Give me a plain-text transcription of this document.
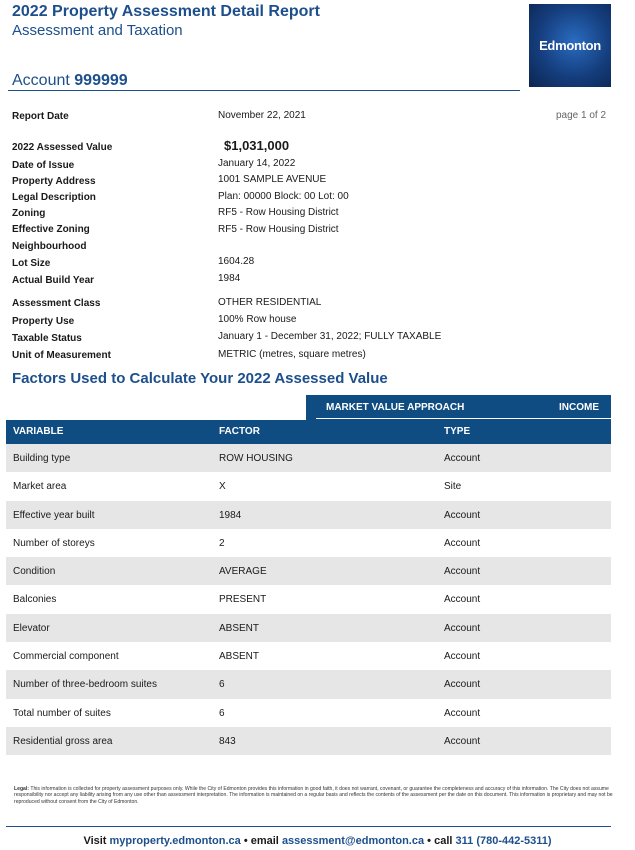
2022 Property Assessment Detail Report
Assessment and Taxation
Account 999999
Edmonton
Report Date	November 22, 2021	page 1 of 2
2022 Assessed Value	$1,031,000
Date of Issue	January 14, 2022
Property Address	1001 SAMPLE AVENUE
Legal Description	Plan: 00000 Block: 00 Lot: 00
Zoning	RF5 - Row Housing District
Effective Zoning	RF5 - Row Housing District
Neighbourhood
Lot Size	1604.28
Actual Build Year	1984
Assessment Class	OTHER RESIDENTIAL
Property Use	100% Row house
Taxable Status	January 1 - December 31, 2022; FULLY TAXABLE
Unit of Measurement	METRIC (metres, square metres)
Factors Used to Calculate Your 2022 Assessed Value
MARKET VALUE APPROACH	INCOME
VARIABLE	FACTOR	TYPE
Building type	ROW HOUSING	Account
Market area	X	Site
Effective year built	1984	Account
Number of storeys	2	Account
Condition	AVERAGE	Account
Balconies	PRESENT	Account
Elevator	ABSENT	Account
Commercial component	ABSENT	Account
Number of three-bedroom suites	6	Account
Total number of suites	6	Account
Residential gross area	843	Account
Legal: This information is collected for property assessment purposes only. While the City of Edmonton provides this information in good faith, it does not warrant, covenant, or guarantee the completeness and accuracy of this information. The City does not assume responsibility nor accept any liability arising from any use other than assessment interpretation. The information is maintained on a regular basis and reflects the contents of the assessment per the date on this document. This information is proprietary and may not be reproduced without consent from the City of Edmonton.
Visit myproperty.edmonton.ca • email assessment@edmonton.ca • call 311 (780-442-5311)
